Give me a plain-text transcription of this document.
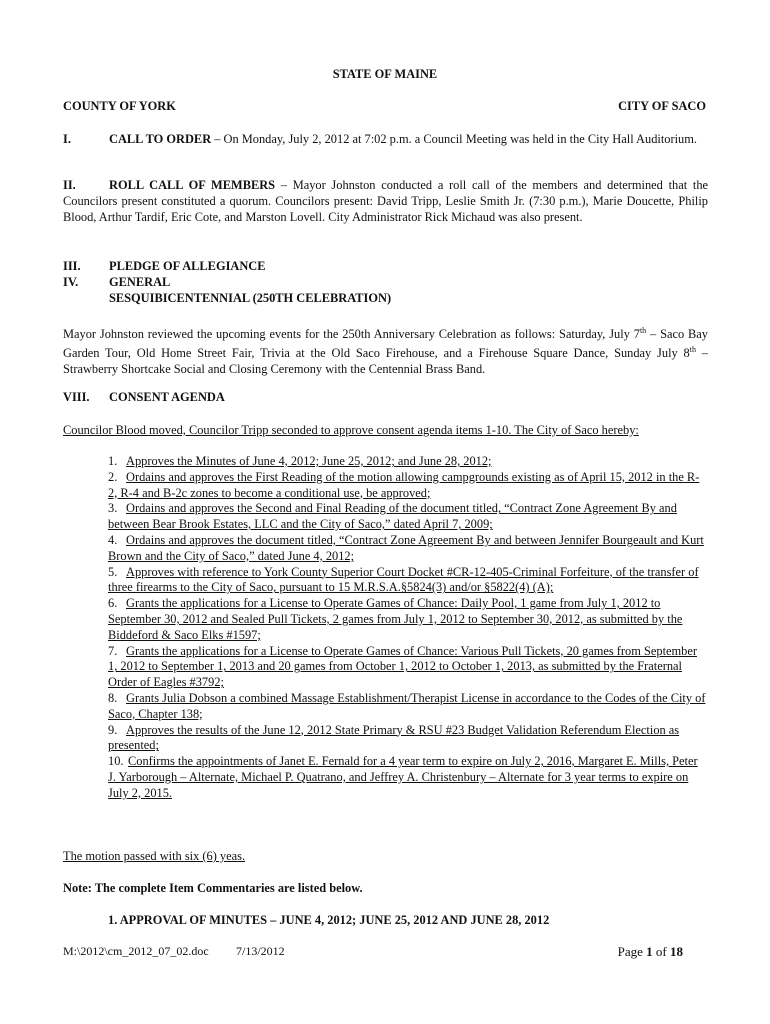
STATE OF MAINE
COUNTY OF YORK	CITY OF SACO
I.	CALL TO ORDER – On Monday, July 2, 2012 at 7:02 p.m. a Council Meeting was held in the City Hall Auditorium.
II.	ROLL CALL OF MEMBERS – Mayor Johnston conducted a roll call of the members and determined that the Councilors present constituted a quorum. Councilors present: David Tripp, Leslie Smith Jr. (7:30 p.m.), Marie Doucette, Philip Blood, Arthur Tardif, Eric Cote, and Marston Lovell. City Administrator Rick Michaud was also present.
III. PLEDGE OF ALLEGIANCE
IV. GENERAL
SESQUIBICENTENNIAL (250TH CELEBRATION)
Mayor Johnston reviewed the upcoming events for the 250th Anniversary Celebration as follows: Saturday, July 7th – Saco Bay Garden Tour, Old Home Street Fair, Trivia at the Old Saco Firehouse, and a Firehouse Square Dance, Sunday July 8th – Strawberry Shortcake Social and Closing Ceremony with the Centennial Brass Band.
VIII. CONSENT AGENDA
Councilor Blood moved, Councilor Tripp seconded to approve consent agenda items 1-10. The City of Saco hereby:
1. Approves the Minutes of June 4, 2012; June 25, 2012; and June 28, 2012;
2. Ordains and approves the First Reading of the motion allowing campgrounds existing as of April 15, 2012 in the R-2, R-4 and B-2c zones to become a conditional use, be approved;
3. Ordains and approves the Second and Final Reading of the document titled, “Contract Zone Agreement By and between Bear Brook Estates, LLC and the City of Saco,” dated April 7, 2009;
4. Ordains and approves the document titled, “Contract Zone Agreement By and between Jennifer Bourgeault and Kurt Brown and the City of Saco,” dated June 4, 2012;
5. Approves with reference to York County Superior Court Docket #CR-12-405-Criminal Forfeiture, of the transfer of three firearms to the City of Saco, pursuant to 15 M.R.S.A.§5824(3) and/or §5822(4) (A);
6. Grants the applications for a License to Operate Games of Chance: Daily Pool, 1 game from July 1, 2012 to September 30, 2012 and Sealed Pull Tickets, 2 games from July 1, 2012 to September 30, 2012, as submitted by the Biddeford & Saco Elks #1597;
7. Grants the applications for a License to Operate Games of Chance: Various Pull Tickets, 20 games from September 1, 2012 to September 1, 2013 and 20 games from October 1, 2012 to October 1, 2013, as submitted by the Fraternal Order of Eagles #3792;
8. Grants Julia Dobson a combined Massage Establishment/Therapist License in accordance to the Codes of the City of Saco, Chapter 138;
9. Approves the results of the June 12, 2012 State Primary & RSU #23 Budget Validation Referendum Election as presented;
10. Confirms the appointments of Janet E. Fernald for a 4 year term to expire on July 2, 2016, Margaret E. Mills, Peter J. Yarborough – Alternate, Michael P. Quatrano, and Jeffrey A. Christenbury – Alternate for 3 year terms to expire on July 2, 2015.
The motion passed with six (6) yeas.
Note: The complete Item Commentaries are listed below.
1. APPROVAL OF MINUTES – JUNE 4, 2012; JUNE 25, 2012 AND JUNE 28, 2012
M:\2012\cm_2012_07_02.doc 7/13/2012	Page 1 of 18
